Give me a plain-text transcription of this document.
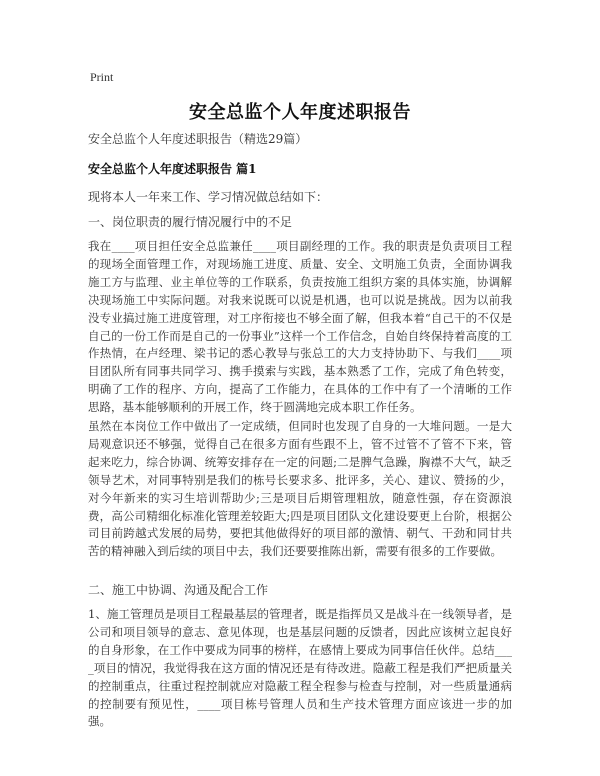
Print
安全总监个人年度述职报告
安全总监个人年度述职报告（精选29篇）
安全总监个人年度述职报告 篇1
现将本人一年来工作、学习情况做总结如下：
一、岗位职责的履行情况履行中的不足

我在____项目担任安全总监兼任____项目副经理的工作。我的职责是负责项目工程的现场全面管理工作，对现场施工进度、质量、安全、文明施工负责，全面协调我施工方与监理、业主单位等的工作联系，负责按施工组织方案的具体实施，协调解决现场施工中实际问题。对我来说既可以说是机遇，也可以说是挑战。因为以前我没专业搞过施工进度管理，对工序衔接也不够全面了解，但我本着“自己干的不仅是自己的一份工作而是自己的一份事业”这样一个工作信念，自始自终保持着高度的工作热情，在卢经理、梁书记的悉心教导与张总工的大力支持协助下、与我们____项目团队所有同事共同学习、携手摸索与实践，基本熟悉了工作，完成了角色转变，明确了工作的程序、方向，提高了工作能力，在具体的工作中有了一个清晰的工作思路，基本能够顺利的开展工作，终于圆满地完成本职工作任务。

虽然在本岗位工作中做出了一定成绩，但同时也发现了自身的一大堆问题。一是大局观意识还不够强，觉得自己在很多方面有些跟不上，管不过管不了管不下来，管起来吃力，综合协调、统筹安排存在一定的问题;二是脾气急躁，胸襟不大气，缺乏领导艺术，对同事特别是我们的栋号长要求多、批评多，关心、建议、赞扬的少，对今年新来的实习生培训帮助少;三是项目后期管理粗放，随意性强，存在资源浪费，高公司精细化标准化管理差较距大;四是项目团队文化建设要更上台阶，根据公司目前跨越式发展的局势，要把其他做得好的项目部的激情、朝气、干劲和同甘共苦的精神融入到后续的项目中去，我们还要要推陈出新，需要有很多的工作要做。

二、施工中协调、沟通及配合工作

1、施工管理员是项目工程最基层的管理者，既是指挥员又是战斗在一线领导者，是公司和项目领导的意志、意见体现，也是基层问题的反馈者，因此应该树立起良好的自身形象，在工作中要成为同事的榜样，在感情上要成为同事信任伙伴。总结____项目的情况，我觉得我在这方面的情况还是有待改进。隐蔽工程是我们严把质量关的控制重点，往重过程控制就应对隐蔽工程全程参与检查与控制，对一些质量通病的控制要有预见性，____项目栋号管理人员和生产技术管理方面应该进一步的加强。
